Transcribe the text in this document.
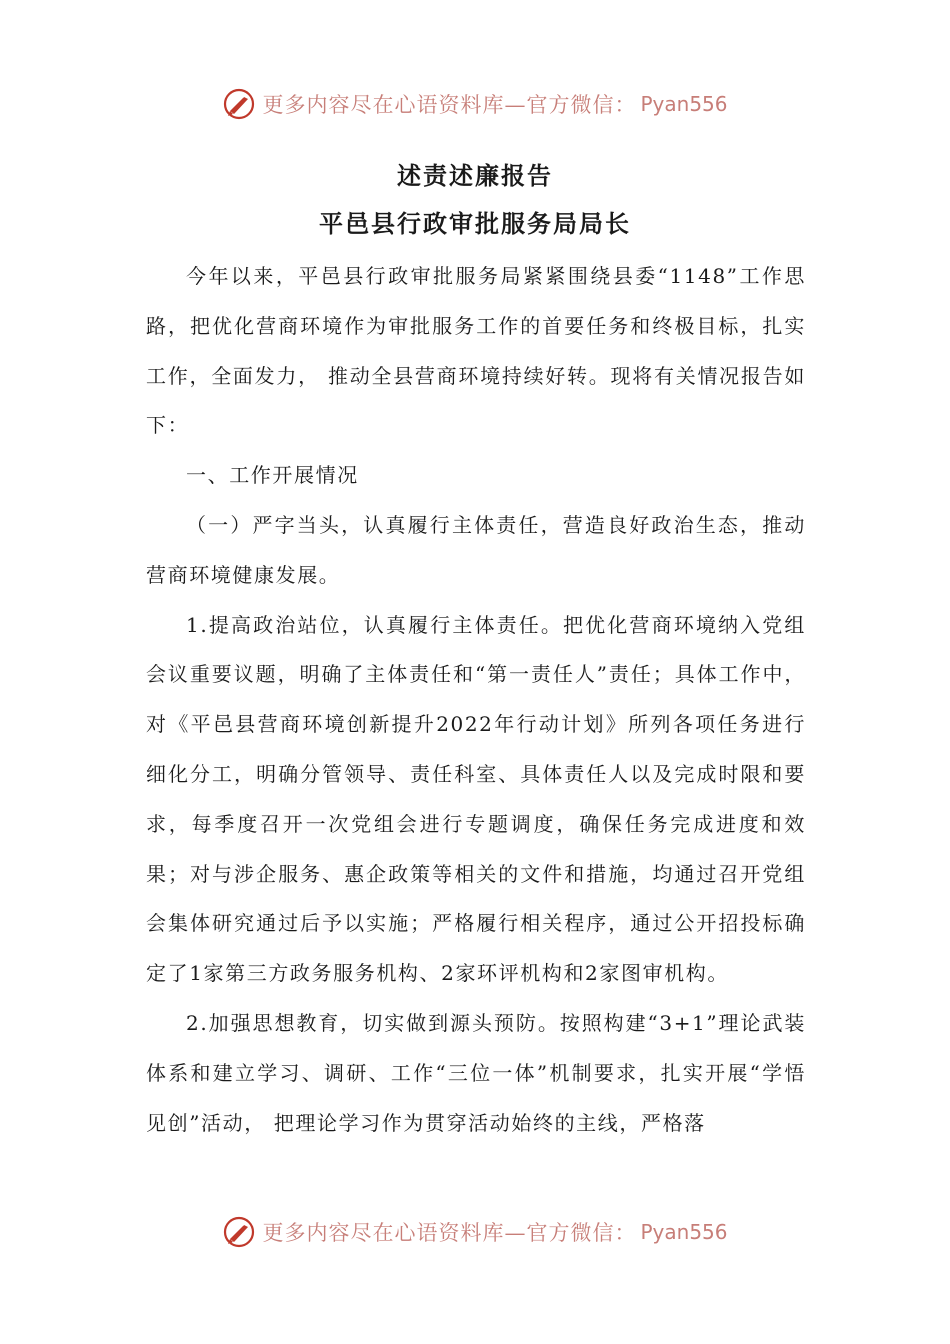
更多内容尽在心语资料库—官方微信： Pyan556
述责述廉报告
平邑县行政审批服务局局长

今年以来，平邑县行政审批服务局紧紧围绕县委“1148”工作思路，把优化营商环境作为审批服务工作的首要任务和终极目标，扎实工作，全面发力， 推动全县营商环境持续好转。现将有关情况报告如下：

一、工作开展情况

（一）严字当头，认真履行主体责任，营造良好政治生态，推动营商环境健康发展。

1.提高政治站位，认真履行主体责任。把优化营商环境纳入党组会议重要议题，明确了主体责任和“第一责任人”责任；具体工作中，对《平邑县营商环境创新提升2022年行动计划》所列各项任务进行细化分工，明确分管领导、责任科室、具体责任人以及完成时限和要求，每季度召开一次党组会进行专题调度，确保任务完成进度和效果；对与涉企服务、惠企政策等相关的文件和措施，均通过召开党组会集体研究通过后予以实施；严格履行相关程序，通过公开招投标确定了1家第三方政务服务机构、2家环评机构和2家图审机构。

2.加强思想教育，切实做到源头预防。按照构建“3+1”理论武装体系和建立学习、调研、工作“三位一体”机制要求，扎实开展“学悟见创”活动， 把理论学习作为贯穿活动始终的主线，严格落

更多内容尽在心语资料库—官方微信： Pyan556
